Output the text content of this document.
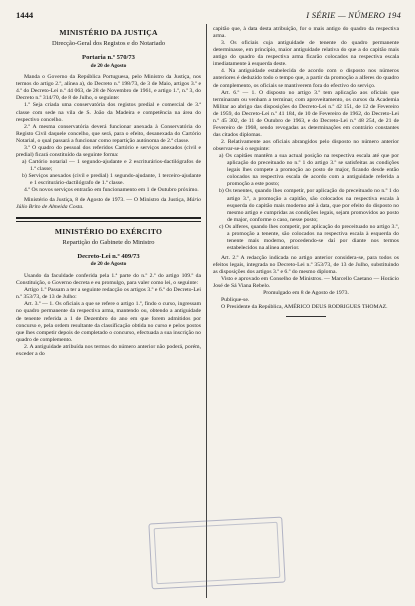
1444	I SÉRIE — NÚMERO 194
MINISTÉRIO DA JUSTIÇA
Direcção-Geral dos Registos e do Notariado
Portaria n.º 570/73
de 20 de Agosto

Manda o Governo da República Portuguesa, pelo Ministro da Justiça, nos termos do artigo 2.º, alínea a), do Decreto n.º 198/73, de 3 de Maio, artigos 3.º e 4.º do Decreto-Lei n.º 44 063, de 28 de Novembro de 1961, e artigo 1.º, n.º 3, do Decreto n.º 314/70, de 8 de Julho, o seguinte:

1.º Seja criada uma conservatória dos registos predial e comercial de 3.ª classe com sede na vila de S. João da Madeira e competência na área do respectivo concelho.

2.º A mesma conservatória deverá funcionar anexada à Conservatória do Registo Civil daquele concelho, que será, para o efeito, desanexada do Cartório Notarial, o qual passará a funcionar como repartição autónoma de 2.ª classe.

3.º O quadro do pessoal dos referidos Cartório e serviços anexados (civil e predial) ficará constituído da seguinte forma:

a) Cartório notarial — 1 segundo-ajudante e 2 escriturários-dactilógrafos de 1.ª classe;

b) Serviços anexados (civil e predial) 1 segundo-ajudante, 1 terceiro-ajudante e 1 escriturário-dactilógrafo de 1.ª classe.

4.º Os novos serviços entrarão em funcionamento em 1 de Outubro próximo.

Ministério da Justiça, 8 de Agosto de 1973. — O Ministro da Justiça, Mário Júlio Brito de Almeida Costa.

MINISTÉRIO DO EXÉRCITO
Repartição do Gabinete do Ministro
Decreto-Lei n.º 409/73
de 20 de Agosto

Usando da faculdade conferida pela 1.ª parte do n.º 2.º do artigo 109.º da Constituição, o Governo decreta e eu promulgo, para valer como lei, o seguinte:

Artigo 1.º Passam a ter a seguinte redacção os artigos 3.º e 6.º do Decreto-Lei n.º 353/73, de 13 de Julho:

Art. 3.º — 1. Os oficiais a que se refere o artigo 1.º, findo o curso, ingressam no quadro permanente da respectiva arma, mantendo ou, obtendo a antiguidade de tenente referida a 1 de Dezembro do ano em que forem admitidos por concurso e, pela ordem resultante da classificação obtida no curso e pelos postos que lhes competir depois de completado o concurso, efectuada a sua inscrição no quadro de complemento.

2. A antiguidade atribuída nos termos do número anterior não poderá, porém, exceder a do

capitão que, à data desta atribuição, for o mais antigo do quadro da respectiva arma.

3. Os oficiais cuja antiguidade de tenente do quadro permanente determinasse, em princípio, maior antiguidade relativa do que a do capitão mais antigo do quadro da respectiva arma ficarão colocados na respectiva escala imediatamente à esquerda deste.

4. Na antiguidade estabelecida de acordo com o disposto nos números anteriores é deduzido todo o tempo que, a partir da promoção a alferes do quadro de complemento, os oficiais se mantiverem fora do efectivo do serviço.

Art. 6.º — 1. O disposto no artigo 3.º tem aplicação aos oficiais que terminaram ou venham a terminar, com aproveitamento, os cursos da Academia Militar ao abrigo das disposições do Decreto-Lei n.º 42 151, de 12 de Fevereiro de 1959, do Decreto-Lei n.º 41 184, de 10 de Fevereiro de 1962, do Decreto-Lei n.º 45 302, de 11 de Outubro de 1963, e do Decreto-Lei n.º 48 254, de 21 de Fevereiro de 1968, sendo revogadas as determinações em contrário constantes das citados diplomas.

2. Relativamente aos oficiais abrangidos pelo disposto no número anterior observar-se-á o seguinte:

a) Os capitães mantêm a sua actual posição na respectiva escala até que por aplicação do preceituado no n.º 1 do artigo 3.º se satisfeitas as condições legais lhes compete a promoção ao posto de major, ficando desde então colocados na respectiva escala de acordo com a antiguidade referida a promoção a este posto;

b) Os tenentes, quando lhes competir, por aplicação do preceituado no n.º 1 do artigo 3.º, a promoção a capitão, são colocados na respectiva escala à esquerda do capitão mais moderno até à data, que por efeito do disposto no mesmo artigo e cumpridas as condições legais, sejam promovidos ao posto de major, conforme o caso, nesse posto;

c) Os alferes, quando lhes competir, por aplicação do preceituado no artigo 3.º, a promoção a tenente, são colocados na respectiva escala à esquerda do tenente mais moderno, procedendo-se daí por diante nos termos estabelecidos na alínea anterior.

Art. 2.º A redacção indicada no artigo anterior considera-se, para todos os efeitos legais, integrada no Decreto-Lei n.º 353/73, de 13 de Julho, substituindo as disposições dos artigos 3.º e 6.º do mesmo diploma.

Visto e aprovado em Conselho de Ministros. — Marcello Caetano — Horácio José de Sá Viana Rebelo.

Promulgado em 8 de Agosto de 1973.

Publique-se.

O Presidente da República, AMÉRICO DEUS RODRIGUES THOMAZ.
